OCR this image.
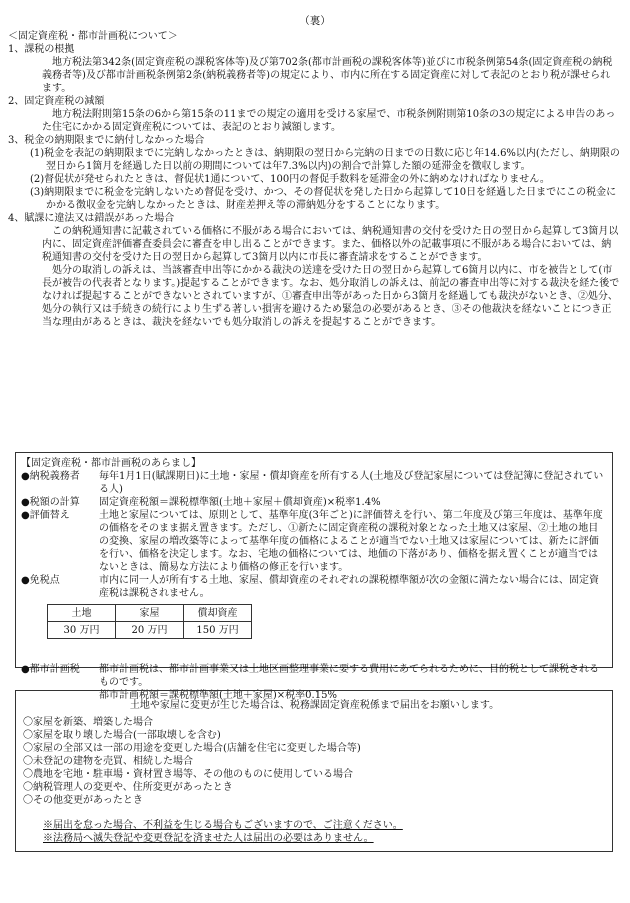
（裏）

＜固定資産税・都市計画税について＞

1、課税の根拠

地方税法第342条(固定資産税の課税客体等)及び第702条(都市計画税の課税客体等)並びに市税条例第54条(固定資産税の納税義務者等)及び都市計画税条例第2条(納税義務者等)の規定により、市内に所在する固定資産に対して表記のとおり税が課せられます。

2、固定資産税の減額

地方税法附則第15条の6から第15条の11までの規定の適用を受ける家屋で、市税条例附則第10条の3の規定による申告のあった住宅にかかる固定資産税については、表記のとおり減額します。

3、税金の納期限までに納付しなかった場合

(1)税金を表記の納期限までに完納しなかったときは、納期限の翌日から完納の日までの日数に応じ年14.6%以内(ただし、納期限の翌日から1箇月を経過した日以前の期間については年7.3%以内)の割合で計算した額の延滞金を徴収します。

(2)督促状が発せられたときは、督促状1通について、100円の督促手数料を延滞金の外に納めなければなりません。

(3)納期限までに税金を完納しないため督促を受け、かつ、その督促状を発した日から起算して10日を経過した日までにこの税金にかかる徴収金を完納しなかったときは、財産差押え等の滞納処分をすることになります。

4、賦課に違法又は錯誤があった場合

この納税通知書に記載されている価格に不服がある場合においては、納税通知書の交付を受けた日の翌日から起算して3箇月以内に、固定資産評価審査委員会に審査を申し出ることができます。また、価格以外の記載事項に不服がある場合においては、納税通知書の交付を受けた日の翌日から起算して3箇月以内に市長に審査請求をすることができます。

処分の取消しの訴えは、当該審査申出等にかかる裁決の送達を受けた日の翌日から起算して6箇月以内に、市を被告として(市長が被告の代表者となります。)提起することができます。なお、処分取消しの訴えは、前記の審査申出等に対する裁決を経た後でなければ提起することができないとされていますが、①審査申出等があった日から3箇月を経過しても裁決がないとき、②処分、処分の執行又は手続きの続行により生ずる著しい損害を避けるため緊急の必要があるとき、③その他裁決を経ないことにつき正当な理由があるときは、裁決を経ないでも処分取消しの訴えを提起することができます。

【固定資産税・都市計画税のあらまし】

●納税義務者	毎年1月1日(賦課期日)に土地・家屋・償却資産を所有する人(土地及び登記家屋については登記簿に登記されている人)
●税額の計算	固定資産税額＝課税標準額(土地＋家屋＋償却資産)×税率1.4%
●評価替え	土地と家屋については、原則として、基準年度(3年ごと)に評価替えを行い、第二年度及び第三年度は、基準年度の価格をそのまま据え置きます。ただし、①新たに固定資産税の課税対象となった土地又は家屋、②土地の地目の変換、家屋の増改築等によって基準年度の価格によることが適当でない土地又は家屋については、新たに評価を行い、価格を決定します。なお、宅地の価格については、地価の下落があり、価格を据え置くことが適当ではないときは、簡易な方法により価格の修正を行います。
●免税点	市内に同一人が所有する土地、家屋、償却資産のそれぞれの課税標準額が次の金額に満たない場合には、固定資産税は課税されません。
土地	家屋	償却資産
30 万円	20 万円	150 万円
●都市計画税	都市計画税は、都市計画事業又は土地区画整理事業に要する費用にあてられるために、目的税として課税されるものです。
都市計画税額＝課税標準額(土地＋家屋)×税率0.15%

土地や家屋に変更が生じた場合は、税務課固定資産税係まで届出をお願いします。

〇家屋を新築、増築した場合

〇家屋を取り壊した場合(一部取壊しを含む)

〇家屋の全部又は一部の用途を変更した場合(店舗を住宅に変更した場合等)

〇未登記の建物を売買、相続した場合

〇農地を宅地・駐車場・資材置き場等、その他のものに使用している場合

〇納税管理人の変更や、住所変更があったとき

〇その他変更があったとき

※届出を怠った場合、不利益を生じる場合もございますので、ご注意ください。

※法務局へ滅失登記や変更登記を済ませた人は届出の必要はありません。
